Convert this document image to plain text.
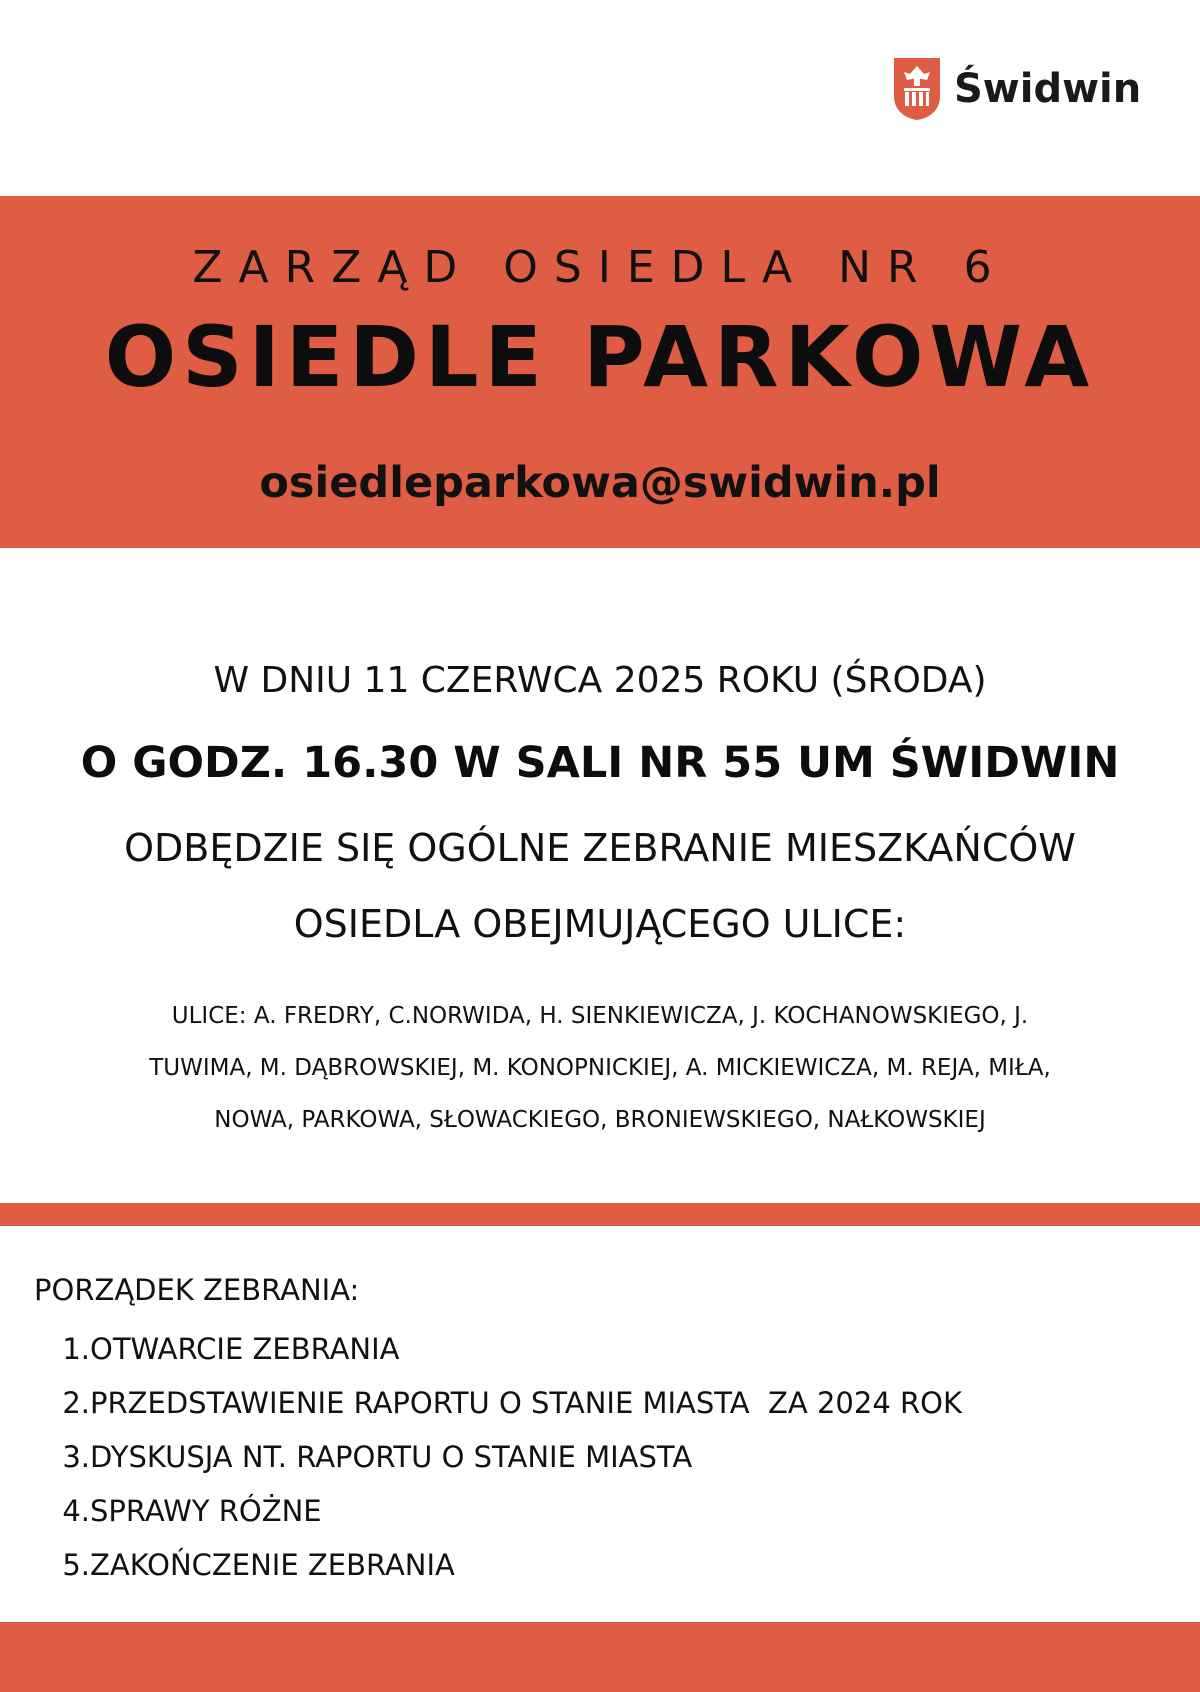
Świdwin
ZARZĄD OSIEDLA NR 6
OSIEDLE PARKOWA
osiedleparkowa@swidwin.pl
W DNIU 11 CZERWCA 2025 ROKU (ŚRODA)
O GODZ. 16.30 W SALI NR 55 UM ŚWIDWIN
ODBĘDZIE SIĘ OGÓLNE ZEBRANIE MIESZKAŃCÓW
OSIEDLA OBEJMUJĄCEGO ULICE:
ULICE: A. FREDRY, C.NORWIDA, H. SIENKIEWICZA, J. KOCHANOWSKIEGO, J.
TUWIMA, M. DĄBROWSKIEJ, M. KONOPNICKIEJ, A. MICKIEWICZA, M. REJA, MIŁA,
NOWA, PARKOWA, SŁOWACKIEGO, BRONIEWSKIEGO, NAŁKOWSKIEJ
PORZĄDEK ZEBRANIA:
1. OTWARCIE ZEBRANIA
2. PRZEDSTAWIENIE RAPORTU O STANIE MIASTA  ZA 2024 ROK
3. DYSKUSJA NT. RAPORTU O STANIE MIASTA
4. SPRAWY RÓŻNE
5. ZAKOŃCZENIE ZEBRANIA
